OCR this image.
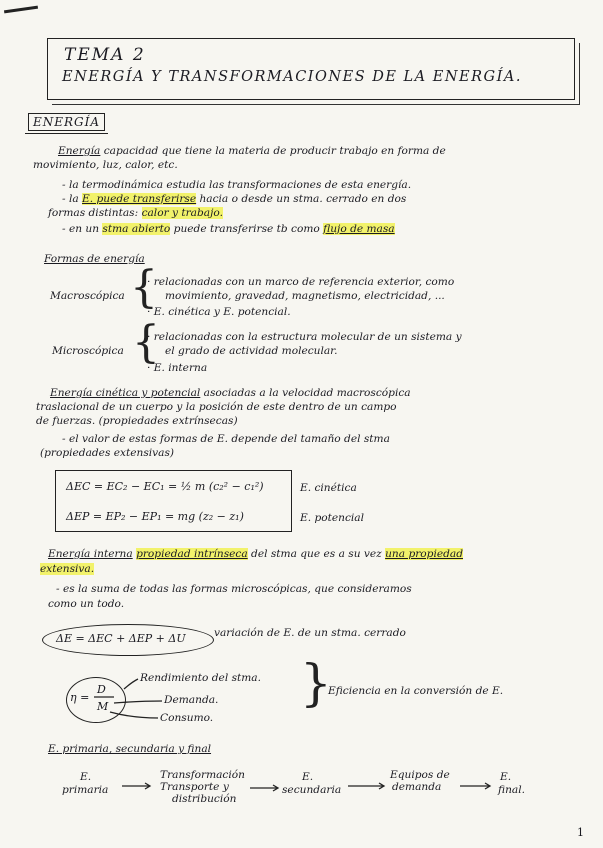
TEMA 2
ENERGÍA Y TRANSFORMACIONES DE LA ENERGÍA.
ENERGÍA
Energía capacidad que tiene la materia de producir trabajo en forma de
movimiento, luz, calor, etc.
- la termodinámica estudia las transformaciones de esta energía.
- la E. puede transferirse hacia o desde un stma. cerrado en dos
formas distintas: calor y trabajo.
- en un stma abierto puede transferirse tb como flujo de masa
Formas de energía
Macroscópica {
· relacionadas con un marco de referencia exterior, como
movimiento, gravedad, magnetismo, electricidad, ...
· E. cinética y E. potencial.
Microscópica {
· relacionadas con la estructura molecular de un sistema y
el grado de actividad molecular.
· E. interna
Energía cinética y potencial asociadas a la velocidad macroscópica
traslacional de un cuerpo y la posición de este dentro de un campo
de fuerzas. (propiedades extrínsecas)
- el valor de estas formas de E. depende del tamaño del stma
(propiedades extensivas)
ΔEC = EC₂ − EC₁ = ½ m (c₂² − c₁²)
ΔEP = EP₂ − EP₁ = mg (z₂ − z₁)
E. cinética
E. potencial
Energía interna propiedad intrínseca del stma que es a su vez una propiedad
extensiva.
- es la suma de todas las formas microscópicas, que consideramos
como un todo.
ΔE = ΔEC + ΔEP + ΔU	variación de E. de un stma. cerrado
η =
D
M
Rendimiento del stma.
Demanda.
Consumo.
}
Eficiencia en la conversión de E.
E. primaria, secundaria y final
E.
primaria
Transformación
Transporte y
distribución
E.
secundaria
Equipos de
demanda
E.
final.
1
